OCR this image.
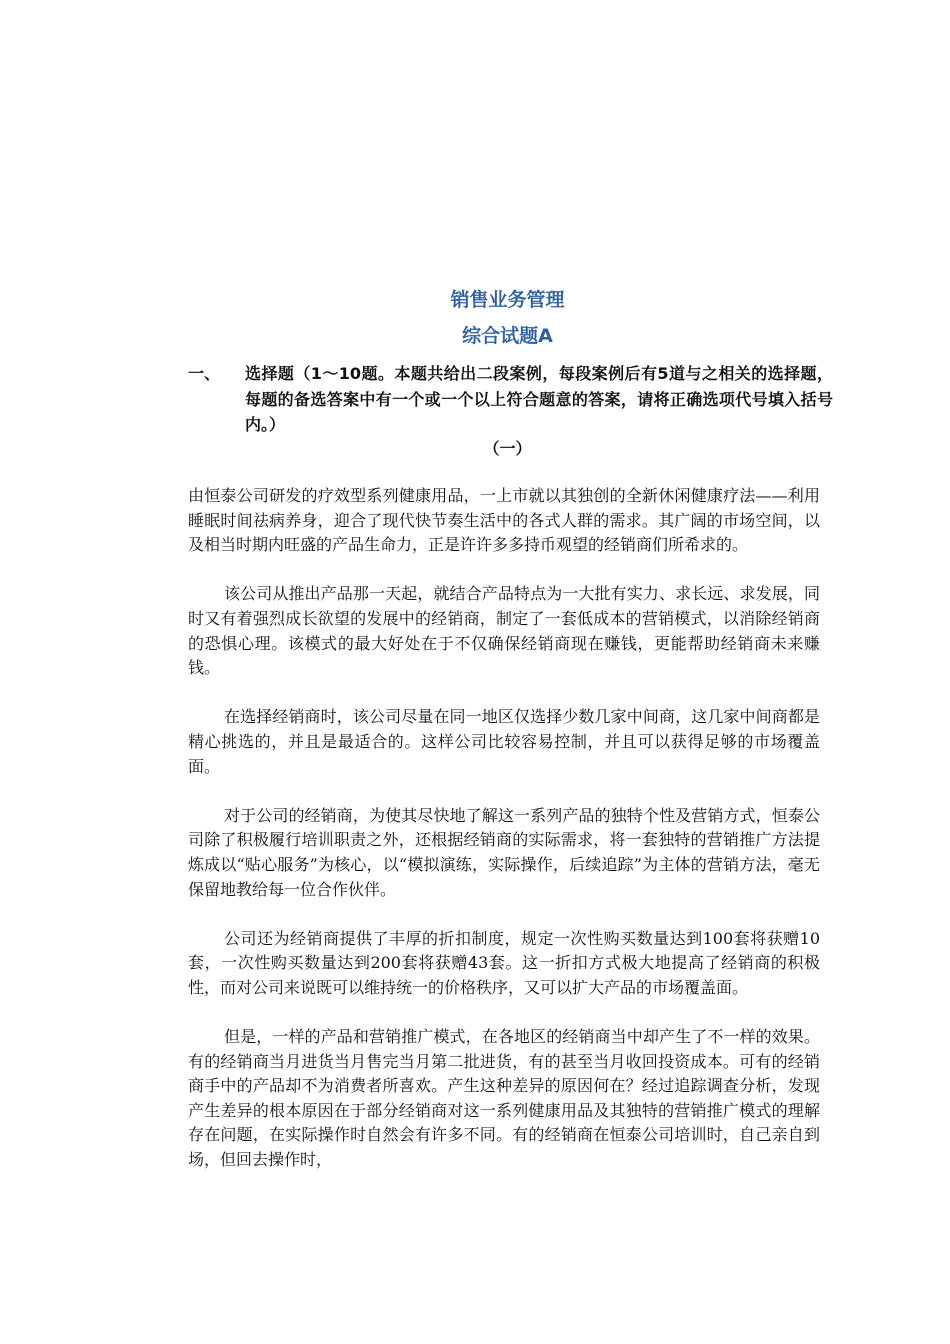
销售业务管理
综合试题A
一、 选择题（1～10题。本题共给出二段案例，每段案例后有5道与之相关的选择题，每题的备选答案中有一个或一个以上符合题意的答案，请将正确选项代号填入括号内。）
（一）

由恒泰公司研发的疗效型系列健康用品，一上市就以其独创的全新休闲健康疗法——利用睡眠时间祛病养身，迎合了现代快节奏生活中的各式人群的需求。其广阔的市场空间，以及相当时期内旺盛的产品生命力，正是许许多多持币观望的经销商们所希求的。

该公司从推出产品那一天起，就结合产品特点为一大批有实力、求长远、求发展，同时又有着强烈成长欲望的发展中的经销商，制定了一套低成本的营销模式，以消除经销商的恐惧心理。该模式的最大好处在于不仅确保经销商现在赚钱，更能帮助经销商未来赚钱。

在选择经销商时，该公司尽量在同一地区仅选择少数几家中间商，这几家中间商都是精心挑选的，并且是最适合的。这样公司比较容易控制，并且可以获得足够的市场覆盖面。

对于公司的经销商，为使其尽快地了解这一系列产品的独特个性及营销方式，恒泰公司除了积极履行培训职责之外，还根据经销商的实际需求，将一套独特的营销推广方法提炼成以“贴心服务”为核心，以“模拟演练，实际操作，后续追踪”为主体的营销方法，毫无保留地教给每一位合作伙伴。

公司还为经销商提供了丰厚的折扣制度，规定一次性购买数量达到100套将获赠10套，一次性购买数量达到200套将获赠43套。这一折扣方式极大地提高了经销商的积极性，而对公司来说既可以维持统一的价格秩序，又可以扩大产品的市场覆盖面。

但是，一样的产品和营销推广模式，在各地区的经销商当中却产生了不一样的效果。有的经销商当月进货当月售完当月第二批进货，有的甚至当月收回投资成本。可有的经销商手中的产品却不为消费者所喜欢。产生这种差异的原因何在？经过追踪调查分析，发现产生差异的根本原因在于部分经销商对这一系列健康用品及其独特的营销推广模式的理解存在问题，在实际操作时自然会有许多不同。有的经销商在恒泰公司培训时，自己亲自到场，但回去操作时，
